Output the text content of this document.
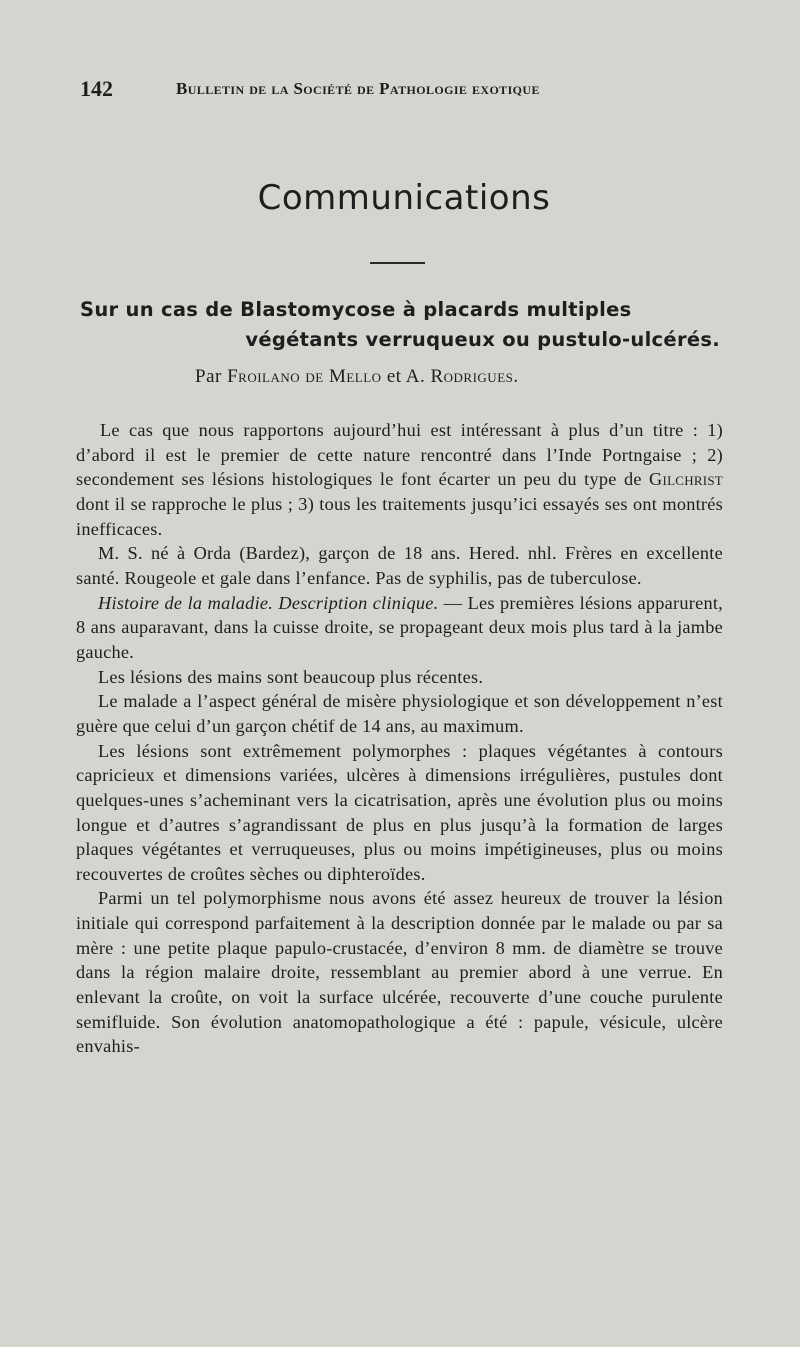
142	Bulletin de la Société de Pathologie exotique
Communications
Sur un cas de Blastomycose à placards multiples
végétants verruqueux ou pustulo-ulcérés.
Par Froilano de Mello et A. Rodrigues.

Le cas que nous rapportons aujourd’hui est intéressant à plus d’un titre : 1) d’abord il est le premier de cette nature rencontré dans l’Inde Portngaise ; 2) secondement ses lésions histologiques le font écarter un peu du type de Gilchrist dont il se rapproche le plus ; 3) tous les traitements jusqu’ici essayés ses ont montrés inefficaces.

M. S. né à Orda (Bardez), garçon de 18 ans. Hered. nhl. Frères en excellente santé. Rougeole et gale dans l’enfance. Pas de syphilis, pas de tuberculose.

Histoire de la maladie. Description clinique. — Les premières lésions apparurent, 8 ans auparavant, dans la cuisse droite, se propageant deux mois plus tard à la jambe gauche.

Les lésions des mains sont beaucoup plus récentes.

Le malade a l’aspect général de misère physiologique et son développement n’est guère que celui d’un garçon chétif de 14 ans, au maximum.

Les lésions sont extrêmement polymorphes : plaques végétantes à contours capricieux et dimensions variées, ulcères à dimensions irrégulières, pustules dont quelques-unes s’acheminant vers la cicatrisation, après une évolution plus ou moins longue et d’autres s’agrandissant de plus en plus jusqu’à la formation de larges plaques végétantes et verruqueuses, plus ou moins impétigineuses, plus ou moins recouvertes de croûtes sèches ou diphteroïdes.

Parmi un tel polymorphisme nous avons été assez heureux de trouver la lésion initiale qui correspond parfaitement à la description donnée par le malade ou par sa mère : une petite plaque papulo-crustacée, d’environ 8 mm. de diamètre se trouve dans la région malaire droite, ressemblant au premier abord à une verrue. En enlevant la croûte, on voit la surface ulcérée, recouverte d’une couche purulente semifluide. Son évolution anatomopathologique a été : papule, vésicule, ulcère envahis-
